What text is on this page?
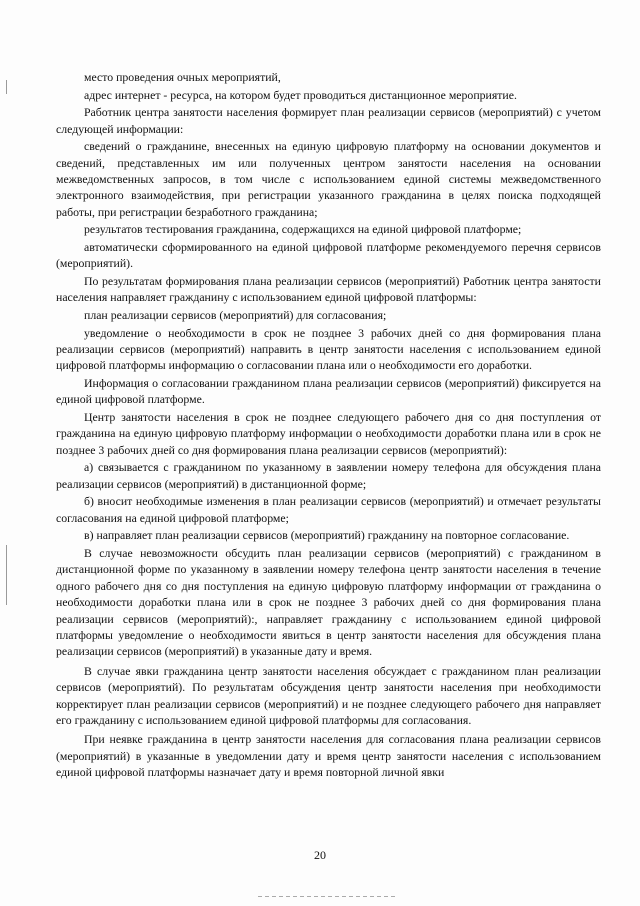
место проведения очных мероприятий,

адрес интернет - ресурса, на котором будет проводиться дистанционное мероприятие.

Работник центра занятости населения формирует план реализации сервисов (мероприятий) с учетом следующей информации:

сведений о гражданине, внесенных на единую цифровую платформу на основании документов и сведений, представленных им или полученных центром занятости населения на основании межведомственных запросов, в том числе с использованием единой системы межведомственного электронного взаимодействия, при регистрации указанного гражданина в целях поиска подходящей работы, при регистрации безработного гражданина;

результатов тестирования гражданина, содержащихся на единой цифровой платформе;

автоматически сформированного на единой цифровой платформе рекомендуемого перечня сервисов (мероприятий).

По результатам формирования плана реализации сервисов (мероприятий) Работник центра занятости населения направляет гражданину с использованием единой цифровой платформы:

план реализации сервисов (мероприятий) для согласования;

уведомление о необходимости в срок не позднее 3 рабочих дней со дня формирования плана реализации сервисов (мероприятий) направить в центр занятости населения с использованием единой цифровой платформы информацию о согласовании плана или о необходимости его доработки.

Информация о согласовании гражданином плана реализации сервисов (мероприятий) фиксируется на единой цифровой платформе.

Центр занятости населения в срок не позднее следующего рабочего дня со дня поступления от гражданина на единую цифровую платформу информации о необходимости доработки плана или в срок не позднее 3 рабочих дней со дня формирования плана реализации сервисов (мероприятий):

а) связывается с гражданином по указанному в заявлении номеру телефона для обсуждения плана реализации сервисов (мероприятий) в дистанционной форме;

б) вносит необходимые изменения в план реализации сервисов (мероприятий) и отмечает результаты согласования на единой цифровой платформе;

в) направляет план реализации сервисов (мероприятий) гражданину на повторное согласование.

В случае невозможности обсудить план реализации сервисов (мероприятий) с гражданином в дистанционной форме по указанному в заявлении номеру телефона центр занятости населения в течение одного рабочего дня со дня поступления на единую цифровую платформу информации от гражданина о необходимости доработки плана или в срок не позднее 3 рабочих дней со дня формирования плана реализации сервисов (мероприятий):, направляет гражданину с использованием единой цифровой платформы уведомление о необходимости явиться в центр занятости населения для обсуждения плана реализации сервисов (мероприятий) в указанные дату и время.

В случае явки гражданина центр занятости населения обсуждает с гражданином план реализации сервисов (мероприятий). По результатам обсуждения центр занятости населения при необходимости корректирует план реализации сервисов (мероприятий) и не позднее следующего рабочего дня направляет его гражданину с использованием единой цифровой платформы для согласования.

При неявке гражданина в центр занятости населения для согласования плана реализации сервисов (мероприятий) в указанные в уведомлении дату и время центр занятости населения с использованием единой цифровой платформы назначает дату и время повторной личной явки

20
